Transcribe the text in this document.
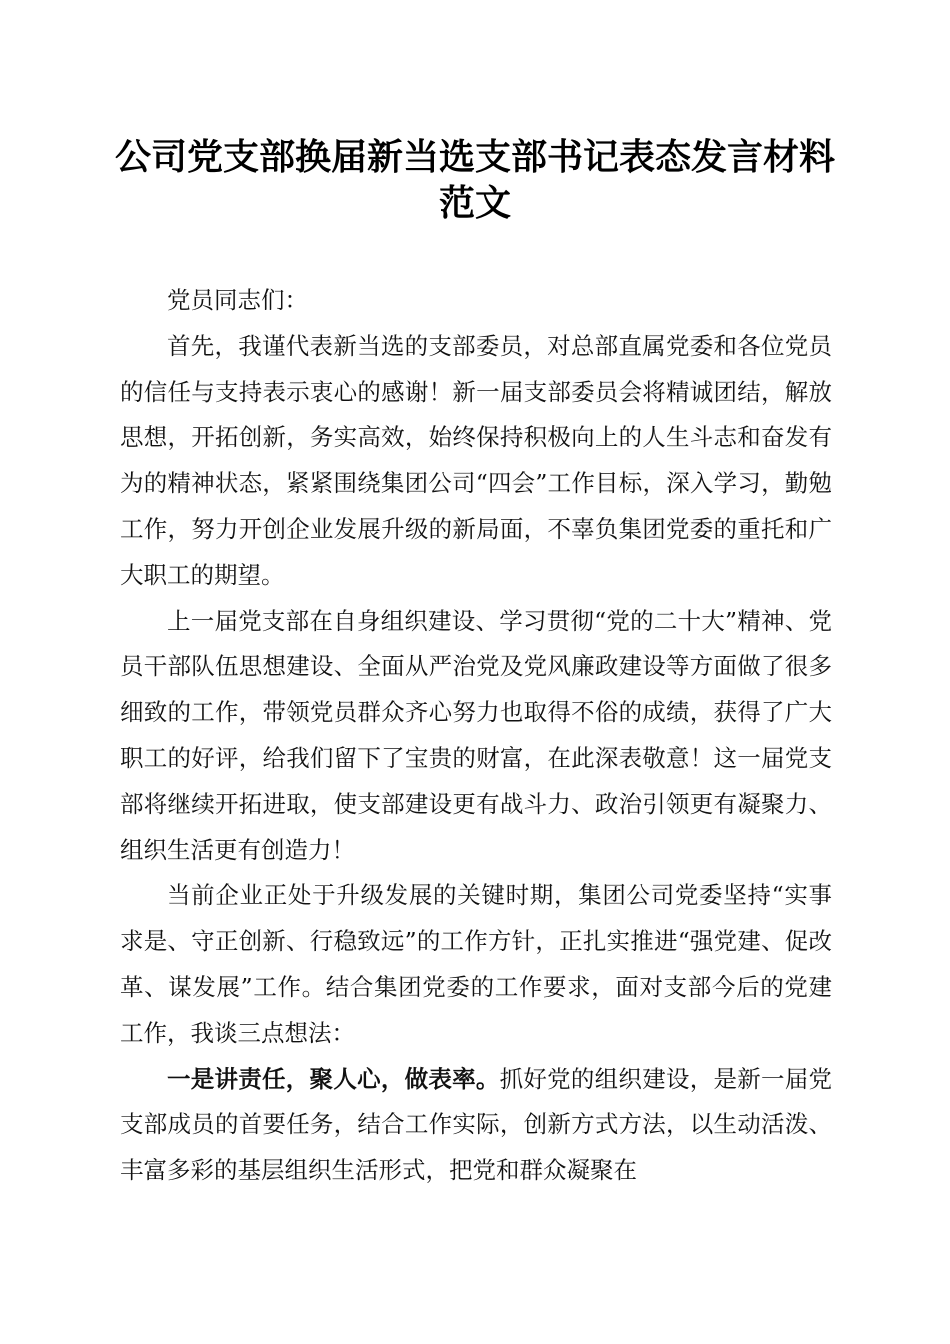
公司党支部换届新当选支部书记表态发言材料
范文

党员同志们：

首先，我谨代表新当选的支部委员，对总部直属党委和各位党员的信任与支持表示衷心的感谢！新一届支部委员会将精诚团结，解放思想，开拓创新，务实高效，始终保持积极向上的人生斗志和奋发有为的精神状态，紧紧围绕集团公司“四会”工作目标，深入学习，勤勉工作，努力开创企业发展升级的新局面，不辜负集团党委的重托和广大职工的期望。

上一届党支部在自身组织建设、学习贯彻“党的二十大”精神、党员干部队伍思想建设、全面从严治党及党风廉政建设等方面做了很多细致的工作，带领党员群众齐心努力也取得不俗的成绩，获得了广大职工的好评，给我们留下了宝贵的财富，在此深表敬意！这一届党支部将继续开拓进取，使支部建设更有战斗力、政治引领更有凝聚力、组织生活更有创造力！

当前企业正处于升级发展的关键时期，集团公司党委坚持“实事求是、守正创新、行稳致远”的工作方针，正扎实推进“强党建、促改革、谋发展”工作。结合集团党委的工作要求，面对支部今后的党建工作，我谈三点想法：

一是讲责任，聚人心，做表率。抓好党的组织建设，是新一届党支部成员的首要任务，结合工作实际，创新方式方法，以生动活泼、丰富多彩的基层组织生活形式，把党和群众凝聚在
